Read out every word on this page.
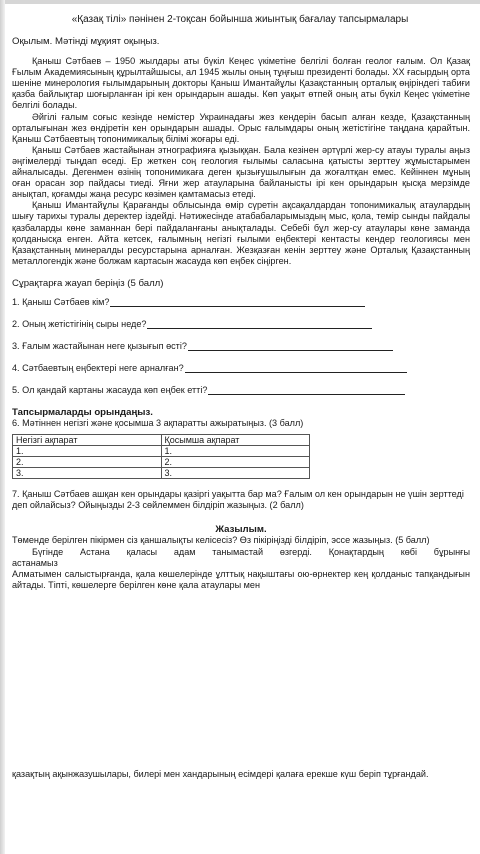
«Қазақ тілі» пәнінен 2-тоқсан бойынша жиынтық бағалау тапсырмалары
Оқылым. Мәтінді мұқият оқыңыз.

Қаныш Сәтбаев – 1950 жылдары аты бүкіл Кеңес үкіметіне белгілі болған геолог ғалым. Ол Қазақ Ғылым Академиясының құрылтайшысы, ал 1945 жылы оның тұңғыш президенті болады. ХХ ғасырдың орта шеніне минерология ғылымдарының докторы Қаныш Имантайұлы Қазақстанның орталық өңіріндегі табиғи қазба байлықтар шоғырланған ірі кен орындарын ашады. Көп уақыт өтпей оның аты бүкіл Кеңес үкіметіне белгілі болады.

Әйгілі ғалым соғыс кезінде немістер Украинадағы жез кендерін басып алған кезде, Қазақстанның орталығынан жез өндіретін кен орындарын ашады. Орыс ғалымдары оның жетістігіне таңдана қарайтын. Қаныш Сәтбаевтың топонимикалық білімі жоғары еді.

Қаныш Сәтбаев жастайынан этнографияға қызыққан. Бала кезінен әртүрлі жер-су атауы туралы аңыз әңгімелерді тыңдап өседі. Ер жеткен соң геология ғылымы саласына қатысты зерттеу жұмыстарымен айналысады. Дегенмен өзінің топонимикаға деген қызығушылығын да жоғалтқан емес. Кейіннен мұның оған орасан зор пайдасы тиеді. Яғни жер атауларына байланысты ірі кен орындарын қысқа мерзімде анықтап, қоғамды жаңа ресурс көзімен қамтамасыз етеді.

Қаныш Имантайұлы Қарағанды облысында өмір сүретін ақсақалдардан топонимикалық атаулардың шығу тарихы туралы деректер іздейді. Нәтижесінде атабабаларымыздың мыс, қола, темір сынды пайдалы қазбаларды көне заманнан бері пайдаланғаны анықталады. Себебі бұл жер-су атаулары көне заманда қолданысқа енген. Айта кетсек, ғалымның негізгі ғылыми еңбектері кентасты кендер геологиясы мен Қазақстанның минералды ресурстарына арналған. Жезқазған кенін зерттеу және Орталық Қазақстанның металлогендік және болжам картасын жасауда көп еңбек сіңірген.

Сұрақтарға жауап беріңіз (5 балл)
1. Қаныш Сәтбаев кім?
2. Оның жетістігінің сыры неде?
3. Ғалым жастайынан неге қызығып өсті?
4. Сәтбаевтың еңбектері неге арналған?
5. Ол қандай картаны жасауда көп еңбек етті?
Тапсырмаларды орындаңыз.
6. Мәтіннен негізгі және қосымша 3 ақпаратты ажыратыңыз. (3 балл)
Негізгі ақпарат	Қосымша ақпарат
1.	1.
2.	2.
3.	3.
7. Қаныш Сәтбаев ашқан кен орындары қазіргі уақытта бар ма? Ғалым ол кен орындарын не үшін зерттеді деп ойлайсыз? Ойыңызды 2-3 сөйлеммен білдіріп жазыңыз. (2 балл)
Жазылым.
Төменде берілген пікірмен сіз қаншалықты келісесіз? Өз пікіріңізді білдіріп, эссе жазыңыз. (5 балл)
Бүгінде Астана қаласы адам танымастай өзгерді. Қонақтардың көбі бұрынғы
астанамыз
Алматымен салыстырғанда, қала көшелерінде ұлттық нақыштағы ою-өрнектер кең қолданыс тапқандығын айтады. Тіпті, көшелерге берілген көне қала атаулары мен
қазақтың ақынжазушылары, билері мен хандарының есімдері қалаға ерекше күш беріп тұрғандай.
